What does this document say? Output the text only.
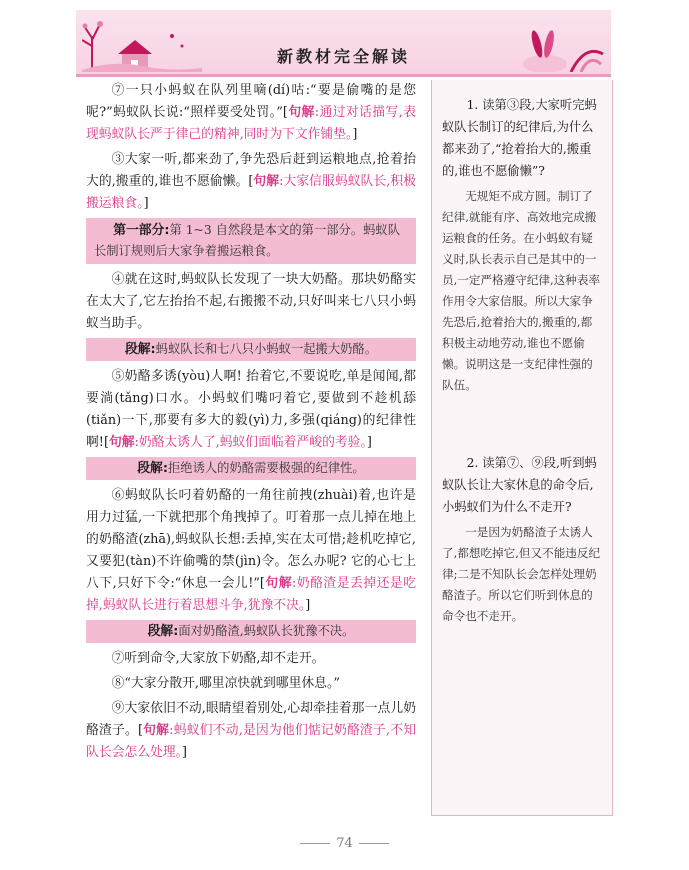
新教材完全解读

⑦一只小蚂蚁在队列里嘀(dí)咕:“要是偷嘴的是您呢?”蚂蚁队长说:“照样要受处罚。”[句解:通过对话描写,表现蚂蚁队长严于律己的精神,同时为下文作铺垫。]

③大家一听,都来劲了,争先恐后赶到运粮地点,抢着抬大的,搬重的,谁也不愿偷懒。[句解:大家信服蚂蚁队长,积极搬运粮食。]

第一部分:第 1~3 自然段是本文的第一部分。蚂蚁队长制订规则后大家争着搬运粮食。

④就在这时,蚂蚁队长发现了一块大奶酪。那块奶酪实在太大了,它左抬抬不起,右搬搬不动,只好叫来七八只小蚂蚁当助手。

段解:蚂蚁队长和七八只小蚂蚁一起搬大奶酪。

⑤奶酪多诱(yòu)人啊! 抬着它,不要说吃,单是闻闻,都要淌(tǎng)口水。小蚂蚁们嘴叼着它,要做到不趁机舔(tiǎn)一下,那要有多大的毅(yì)力,多强(qiáng)的纪律性啊![句解:奶酪太诱人了,蚂蚁们面临着严峻的考验。]

段解:拒绝诱人的奶酪需要极强的纪律性。

⑥蚂蚁队长叼着奶酪的一角往前拽(zhuài)着,也许是用力过猛,一下就把那个角拽掉了。叮着那一点儿掉在地上的奶酪渣(zhā),蚂蚁队长想:丢掉,实在太可惜;趁机吃掉它,又要犯(tàn)不许偷嘴的禁(jìn)令。怎么办呢? 它的心七上八下,只好下令:“休息一会儿!”[句解:奶酪渣是丢掉还是吃掉,蚂蚁队长进行着思想斗争,犹豫不决。]

段解:面对奶酪渣,蚂蚁队长犹豫不决。

⑦听到命令,大家放下奶酪,却不走开。

⑧“大家分散开,哪里凉快就到哪里休息。”

⑨大家依旧不动,眼睛望着别处,心却牵挂着那一点儿奶酪渣子。[句解:蚂蚁们不动,是因为他们惦记奶酪渣子,不知队长会怎么处理。]

1. 读第③段,大家听完蚂蚁队长制订的纪律后,为什么都来劲了,“抢着抬大的,搬重的,谁也不愿偷懒”?

无规矩不成方圆。制订了纪律,就能有序、高效地完成搬运粮食的任务。在小蚂蚁有疑义时,队长表示自己是其中的一员,一定严格遵守纪律,这种表率作用令大家信服。所以大家争先恐后,抢着抬大的,搬重的,都积极主动地劳动,谁也不愿偷懒。说明这是一支纪律性强的队伍。

2. 读第⑦、⑨段,听到蚂蚁队长让大家休息的命令后,小蚂蚁们为什么不走开?

一是因为奶酪渣子太诱人了,都想吃掉它,但又不能违反纪律;二是不知队长会怎样处理奶酪渣子。所以它们听到休息的命令也不走开。

74
